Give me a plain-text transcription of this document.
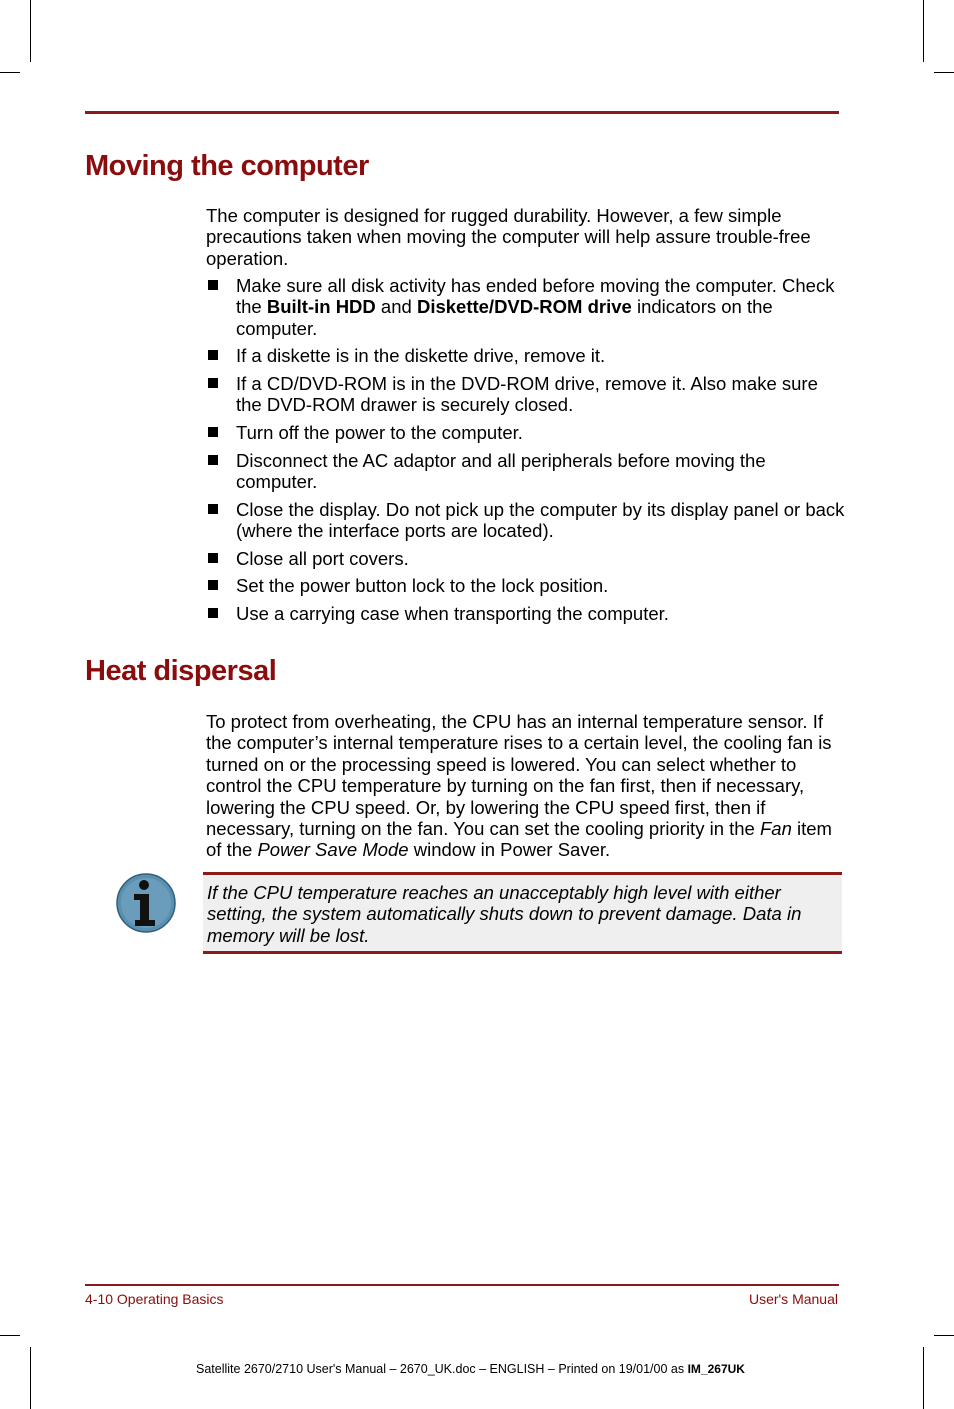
Moving the computer

The computer is designed for rugged durability. However, a few simple precautions taken when moving the computer will help assure trouble-free operation.

Make sure all disk activity has ended before moving the computer. Check the Built-in HDD and Diskette/DVD-ROM drive indicators on the computer.
If a diskette is in the diskette drive, remove it.
If a CD/DVD-ROM is in the DVD-ROM drive, remove it. Also make sure the DVD-ROM drawer is securely closed.
Turn off the power to the computer.
Disconnect the AC adaptor and all peripherals before moving the computer.
Close the display. Do not pick up the computer by its display panel or back (where the interface ports are located).
Close all port covers.
Set the power button lock to the lock position.
Use a carrying case when transporting the computer.
Heat dispersal

To protect from overheating, the CPU has an internal temperature sensor. If the computer’s internal temperature rises to a certain level, the cooling fan is turned on or the processing speed is lowered. You can select whether to control the CPU temperature by turning on the fan first, then if necessary, lowering the CPU speed. Or, by lowering the CPU speed first, then if necessary, turning on the fan. You can set the cooling priority in the Fan item of the Power Save Mode window in Power Saver.

If the CPU temperature reaches an unacceptably high level with either setting, the system automatically shuts down to prevent damage. Data in memory will be lost.

4-10 Operating Basics	User's Manual
Satellite 2670/2710 User's Manual – 2670_UK.doc – ENGLISH – Printed on 19/01/00 as IM_267UK
